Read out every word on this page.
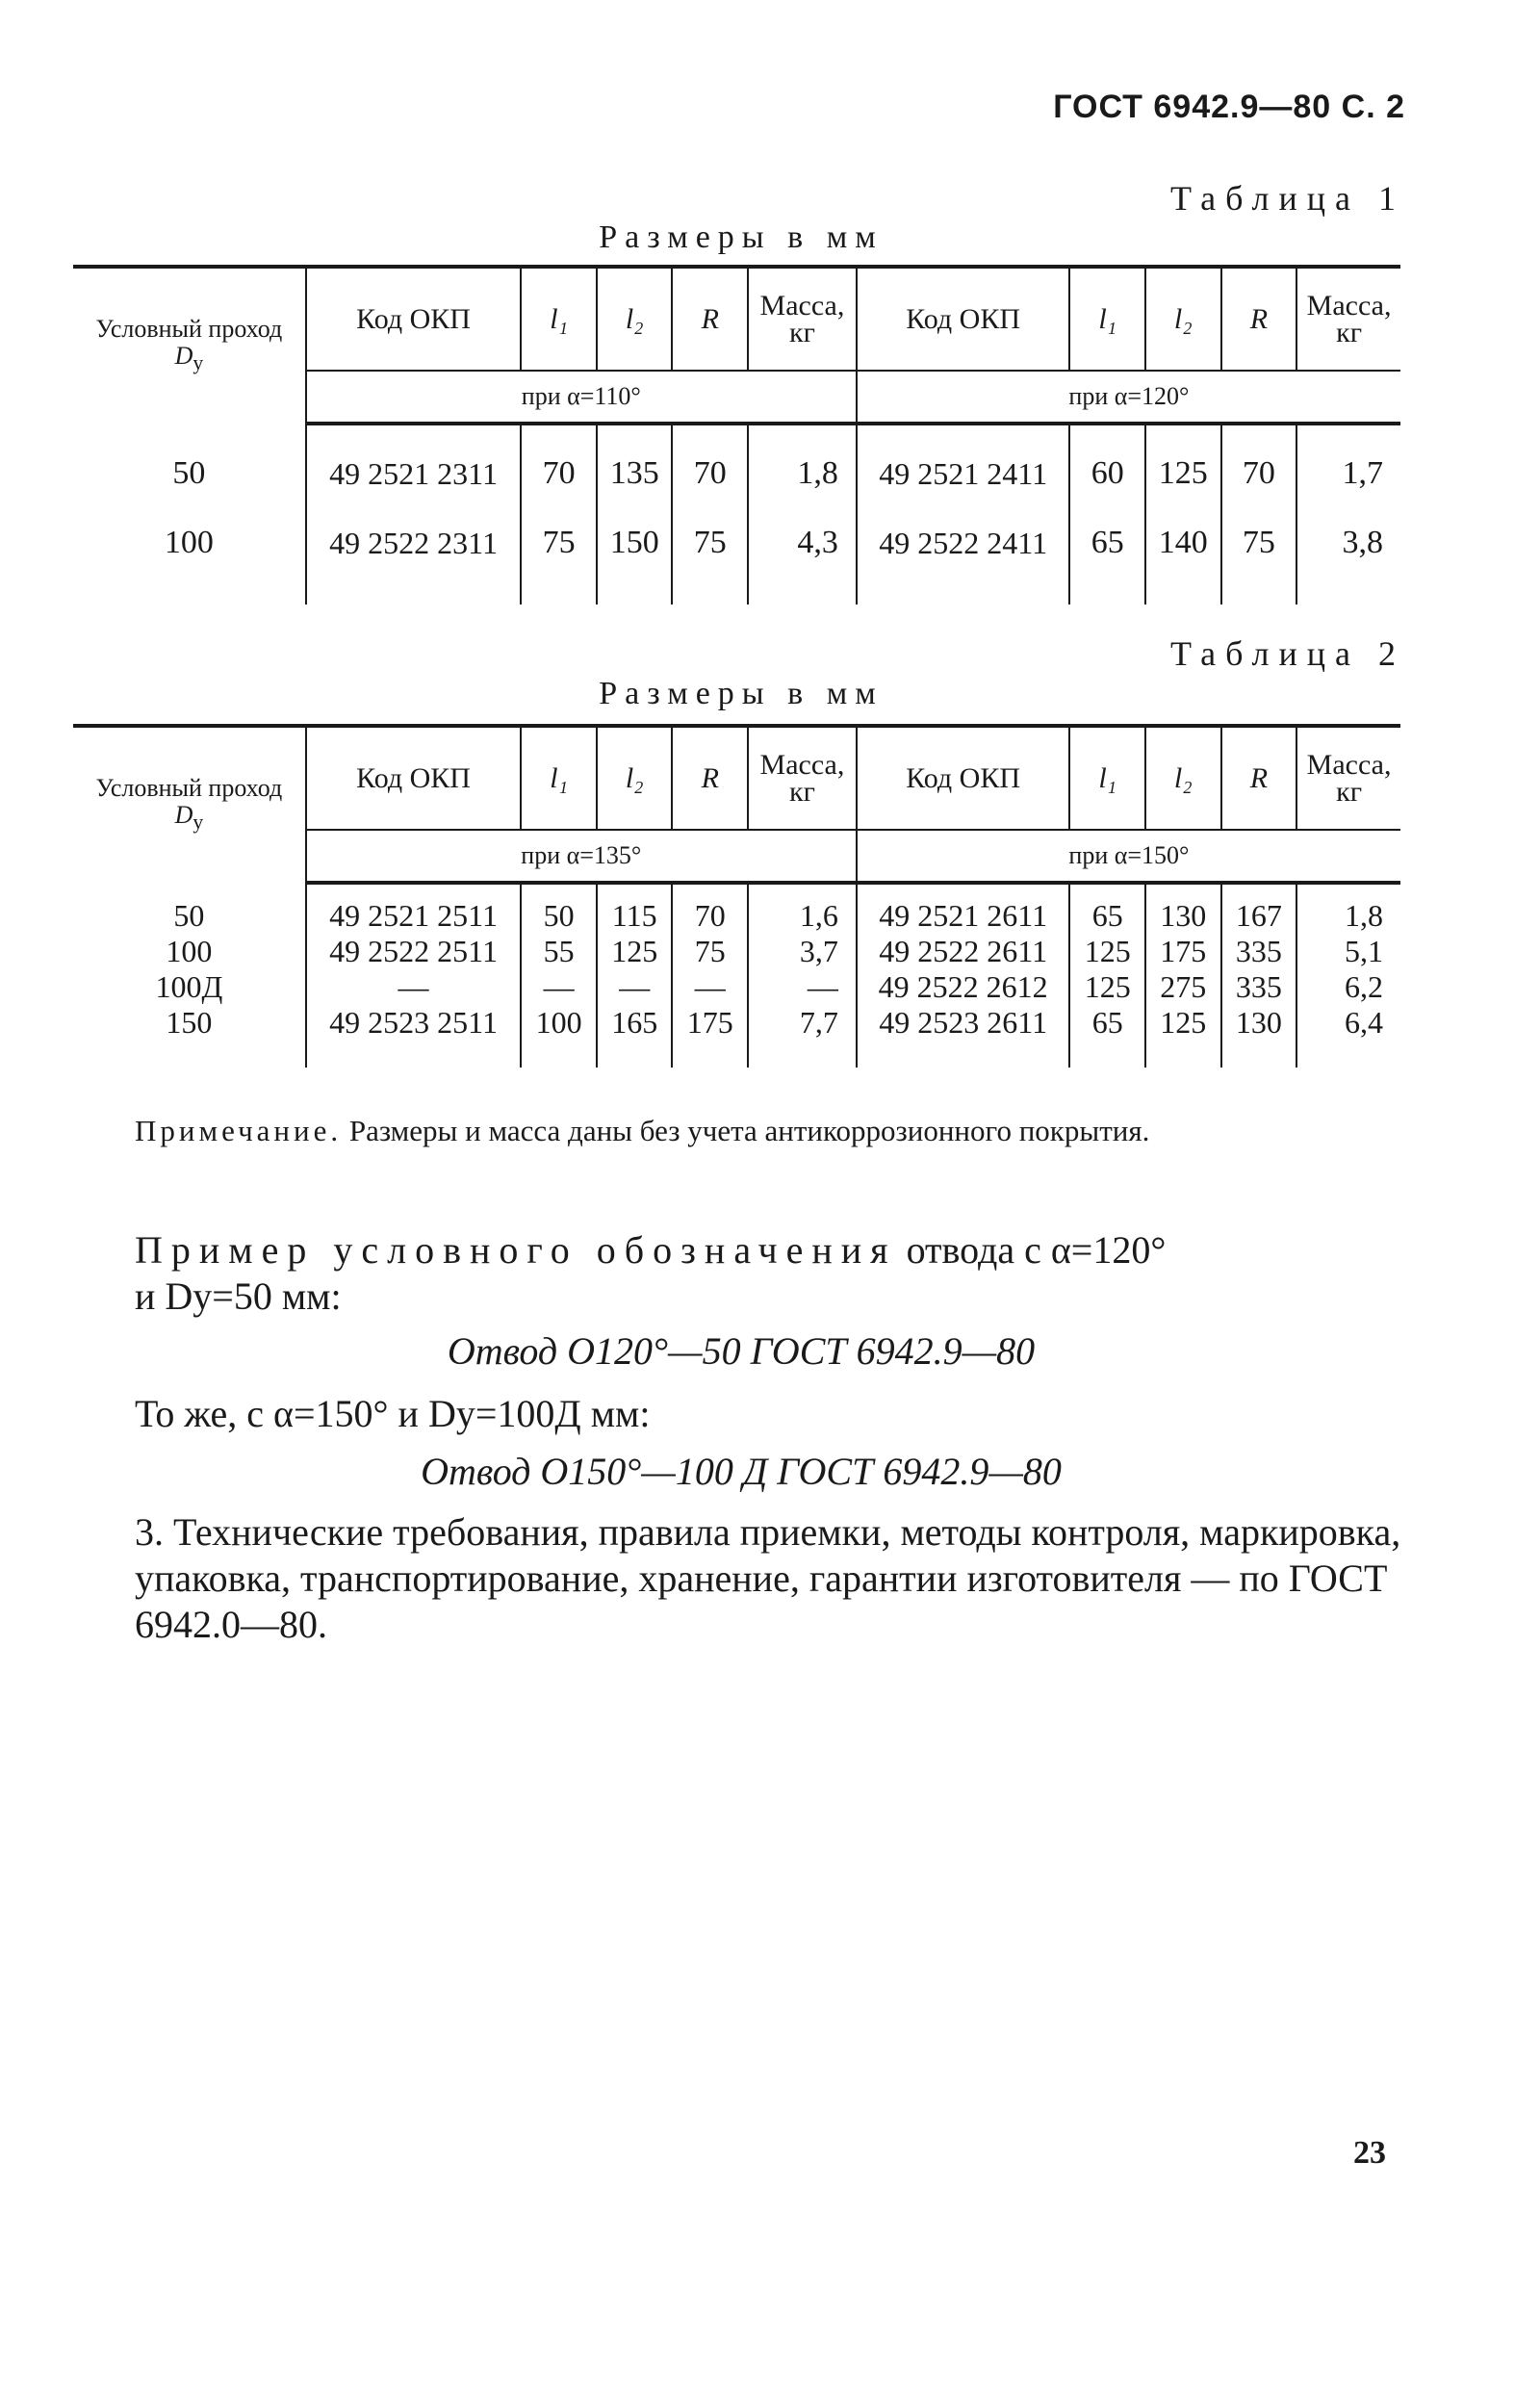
ГОСТ 6942.9—80 С. 2
Таблица 1
Размеры в мм
Условный проход
$D_у$	Код ОКП	l₁	l₂	R	Масса, кг	Код ОКП	l₁	l₂	R	Масса, кг
	при α=110°					при α=120°				

50	49 2521 2311	70	135	70	1,8	49 2521 2411	60	125	70	1,7
100	49 2522 2311	75	150	75	4,3	49 2522 2411	65	140	75	3,8

Таблица 2
Размеры в мм
Условный проход
$D_у$	Код ОКП	l₁	l₂	R	Масса, кг	Код ОКП	l₁	l₂	R	Масса, кг
	при α=135°					при α=150°				

50	49 2521 2511	50	115	70	1,6	49 2521 2611	65	130	167	1,8
100	49 2522 2511	55	125	75	3,7	49 2522 2611	125	175	335	5,1
100Д	—	—	—	—	—	49 2522 2612	125	275	335	6,2
150	49 2523 2511	100	165	175	7,7	49 2523 2611	65	125	130	6,4

Примечание. Размеры и масса даны без учета антикоррозионного покрытия.
Пример условного обозначения отвода с α=120°
и Dу=50 мм:
Отвод О120°—50 ГОСТ 6942.9—80
То же, с α=150° и Dу=100Д мм:
Отвод О150°—100 Д ГОСТ 6942.9—80
3. Технические требования, правила приемки, методы контроля, маркировка, упаковка, транспортирование, хранение, гарантии изготовителя — по ГОСТ 6942.0—80.
23
